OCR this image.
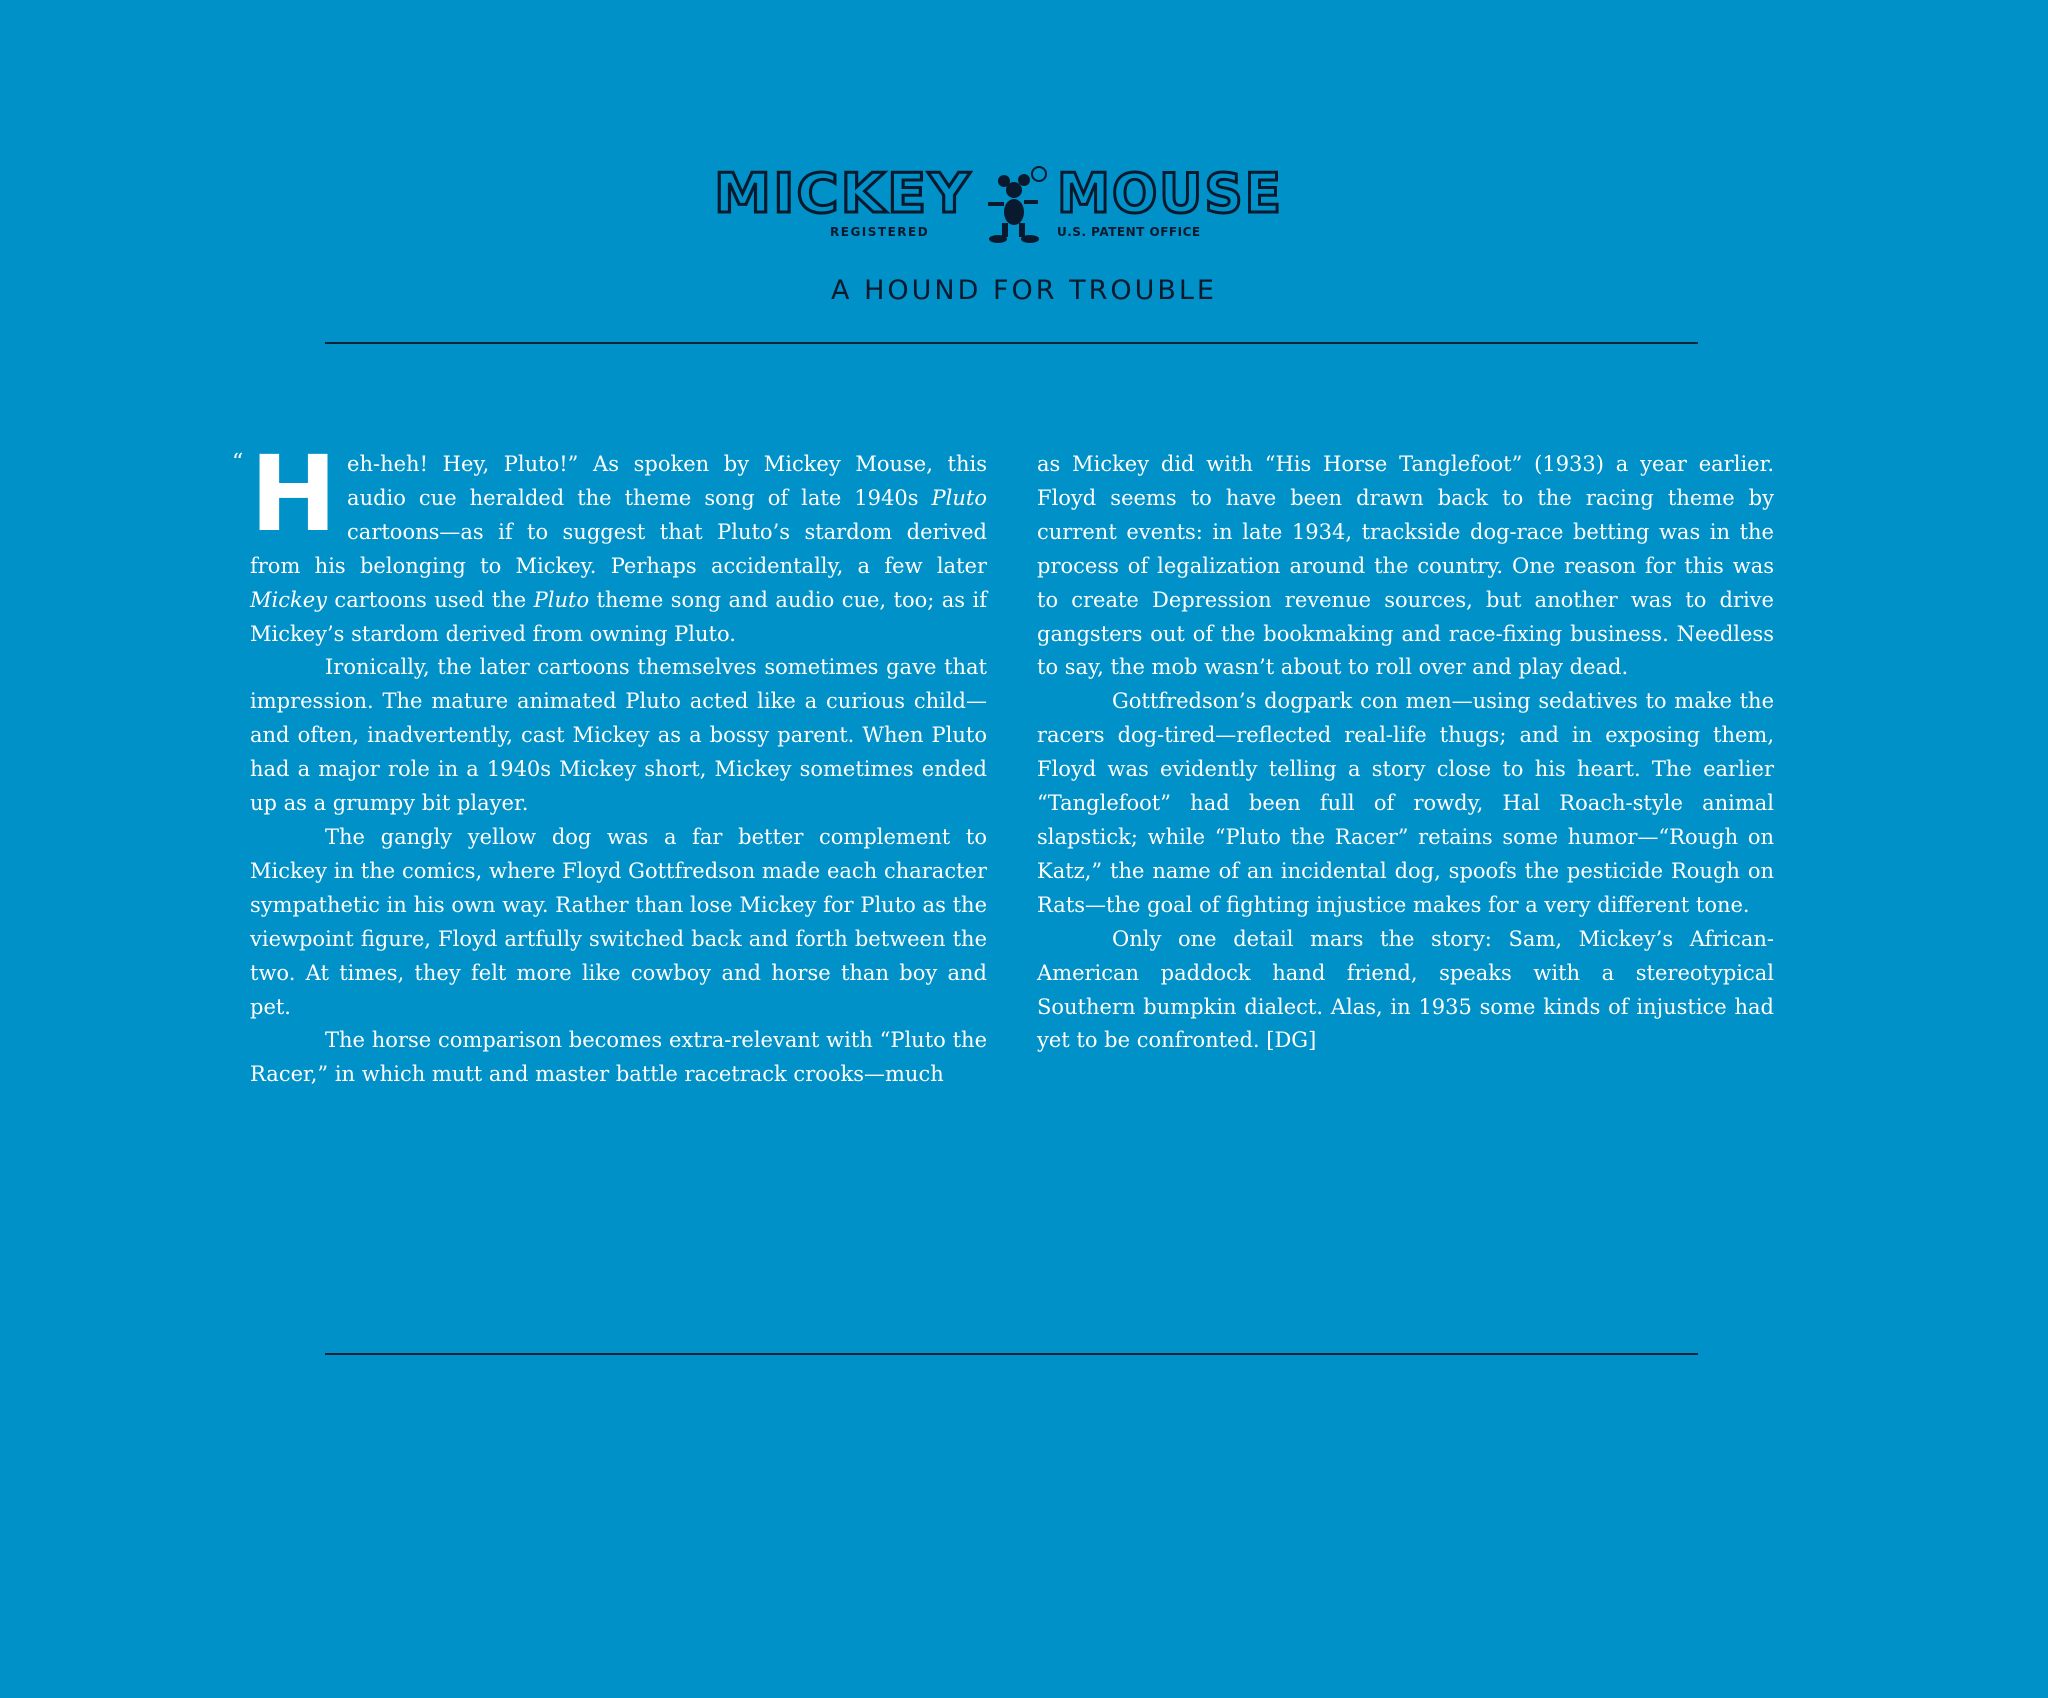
MICKEY MOUSE
REGISTERED	U.S. PATENT OFFICE
A HOUND FOR TROUBLE
“ Heh-heh! Hey, Pluto!” As spoken by Mickey Mouse, this audio cue heralded the theme song of late 1940s Pluto cartoons—as if to suggest that Pluto’s stardom derived from his belonging to Mickey. Perhaps accidentally, a few later Mickey cartoons used the Pluto theme song and audio cue, too; as if Mickey’s stardom derived from owning Pluto.

Ironically, the later cartoons themselves sometimes gave that impression. The mature animated Pluto acted like a curious child—and often, inadvertently, cast Mickey as a bossy parent. When Pluto had a major role in a 1940s Mickey short, Mickey sometimes ended up as a grumpy bit player.

The gangly yellow dog was a far better complement to Mickey in the comics, where Floyd Gottfredson made each character sympathetic in his own way. Rather than lose Mickey for Pluto as the viewpoint figure, Floyd artfully switched back and forth between the two. At times, they felt more like cowboy and horse than boy and pet.

The horse comparison becomes extra-relevant with “Pluto the Racer,” in which mutt and master battle racetrack crooks—much

as Mickey did with “His Horse Tanglefoot” (1933) a year earlier. Floyd seems to have been drawn back to the racing theme by current events: in late 1934, trackside dog-race betting was in the process of legalization around the country. One reason for this was to create Depression revenue sources, but another was to drive gangsters out of the bookmaking and race-fixing business. Needless to say, the mob wasn’t about to roll over and play dead.

Gottfredson’s dogpark con men—using sedatives to make the racers dog-tired—reflected real-life thugs; and in exposing them, Floyd was evidently telling a story close to his heart. The earlier “Tanglefoot” had been full of rowdy, Hal Roach-style animal slapstick; while “Pluto the Racer” retains some humor—“Rough on Katz,” the name of an incidental dog, spoofs the pesticide Rough on Rats—the goal of fighting injustice makes for a very different tone.

Only one detail mars the story: Sam, Mickey’s African-American paddock hand friend, speaks with a stereotypical Southern bumpkin dialect. Alas, in 1935 some kinds of injustice had yet to be confronted. [DG]
